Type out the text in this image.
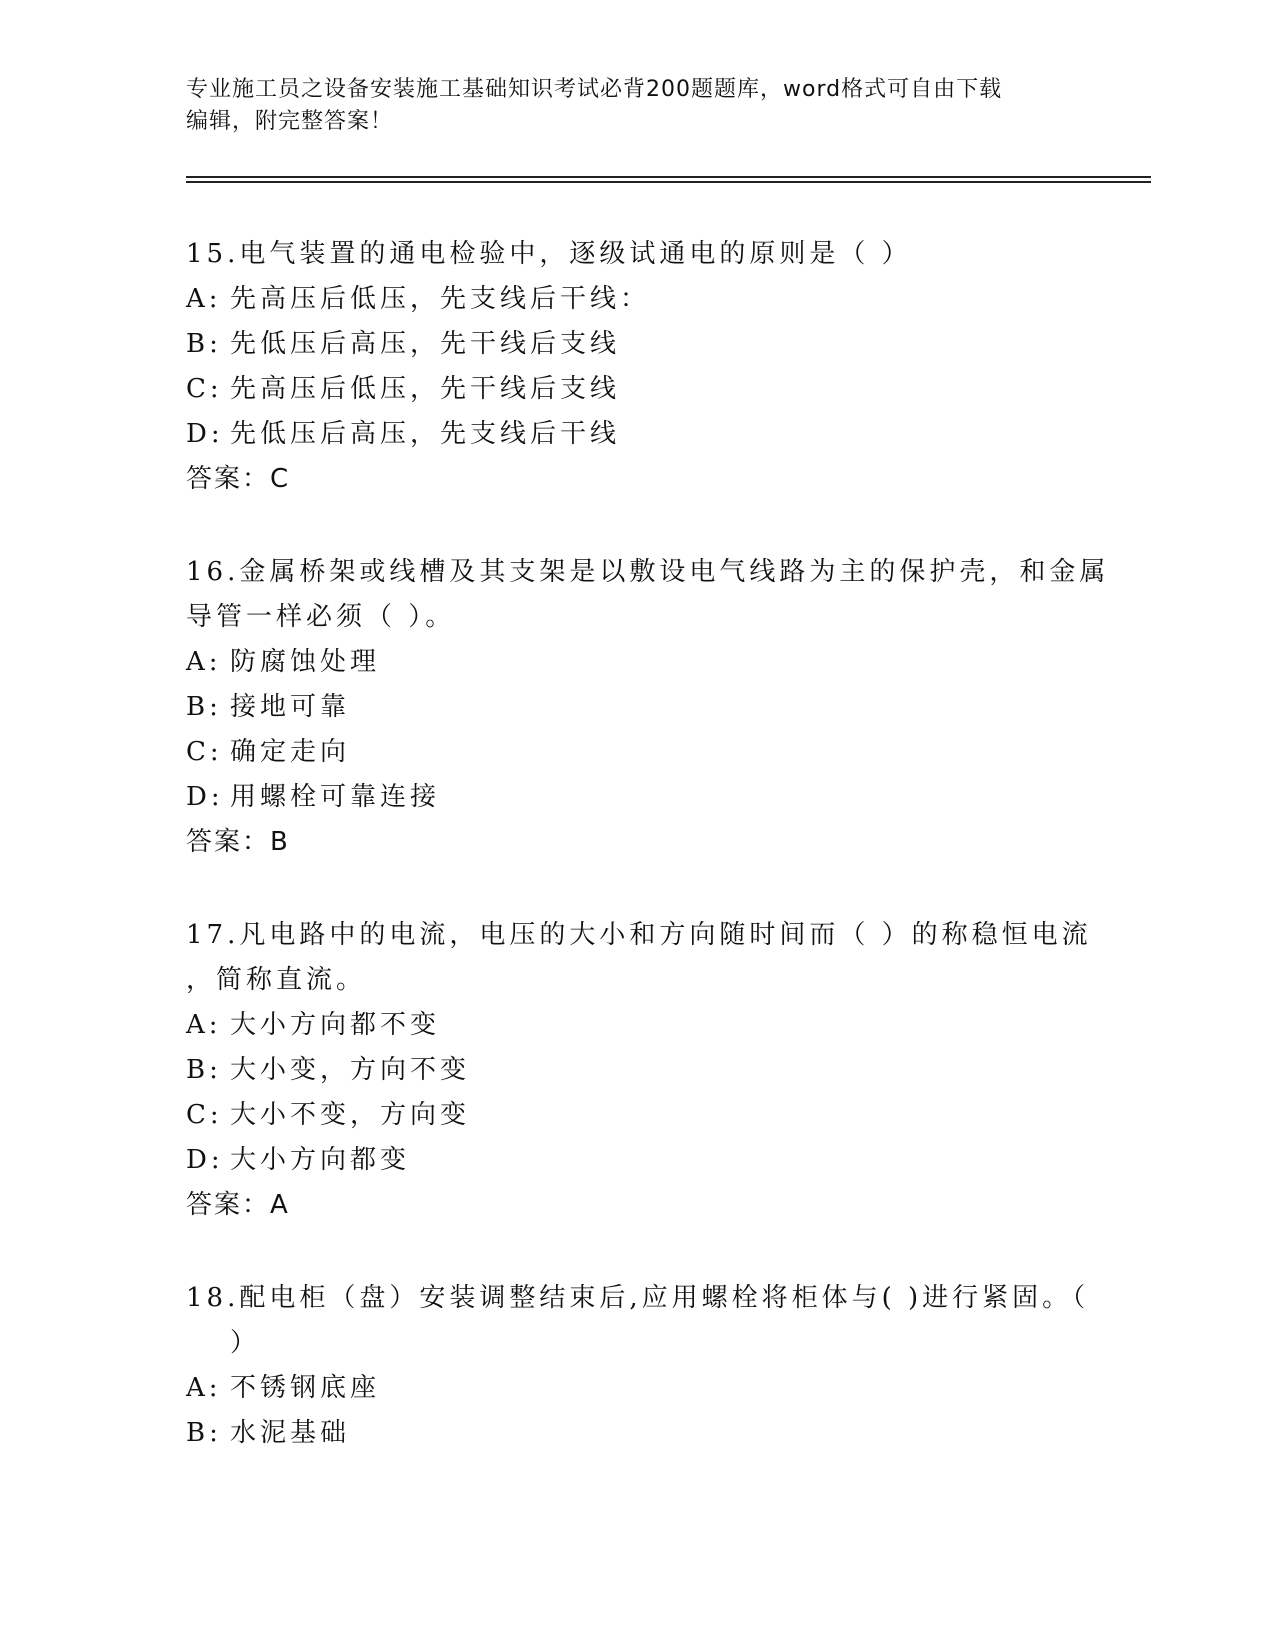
专业施工员之设备安装施工基础知识考试必背200题题库，word格式可自由下载
编辑，附完整答案！
15.电气装置的通电检验中，逐级试通电的原则是（ ）
A: 先高压后低压，先支线后干线：
B: 先低压后高压，先干线后支线
C: 先高压后低压，先干线后支线
D: 先低压后高压，先支线后干线
答案：C
16.金属桥架或线槽及其支架是以敷设电气线路为主的保护壳，和金属
导管一样必须（ ）。
A: 防腐蚀处理
B: 接地可靠
C: 确定走向
D: 用螺栓可靠连接
答案：B
17.凡电路中的电流，电压的大小和方向随时间而（ ）的称稳恒电流
，简称直流。
A: 大小方向都不变
B: 大小变，方向不变
C: 大小不变，方向变
D: 大小方向都变
答案：A
18.配电柜（盘）安装调整结束后,应用螺栓将柜体与( )进行紧固。（
）
A: 不锈钢底座
B: 水泥基础
